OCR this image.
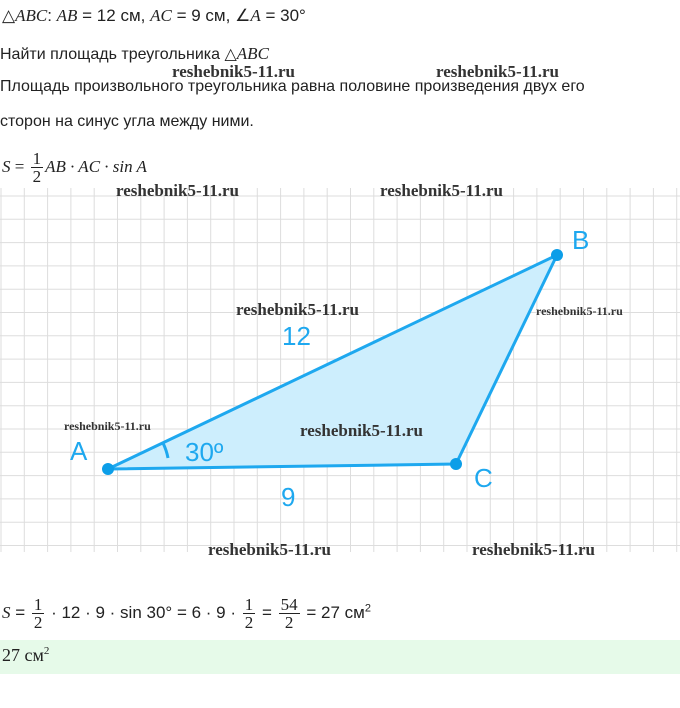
△ABC: AB = 12 см, AC = 9 см, ∠A = 30°
Найти площадь треугольника △ABC
Площадь произвольного треугольника равна половине произведения двух его
сторон на синус угла между ними.
$S = \frac{1}{2}$ AB · AC · sin A
A
B
C
12
9
30º
reshebnik5-11.ru	reshebnik5-11.ru
reshebnik5-11.ru	reshebnik5-11.ru
reshebnik5-11.ru	reshebnik5-11.ru
reshebnik5-11.ru	reshebnik5-11.ru
reshebnik5-11.ru	reshebnik5-11.ru
$S = \frac{1}{2} \cdot 12 \cdot 9 \cdot \sin 30^\circ = 6 \cdot 9 \cdot \frac{1}{2} = \frac{54}{2} = 27$ $см^2$
27 $см^2$
